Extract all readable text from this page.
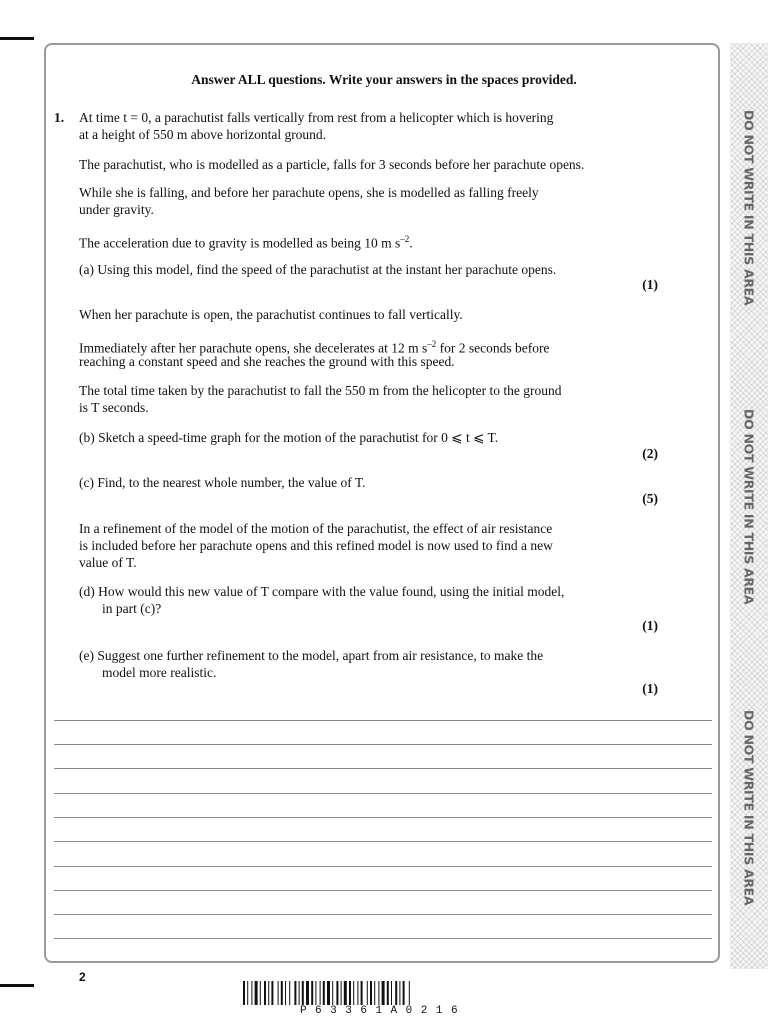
DO NOT WRITE IN THIS AREA
DO NOT WRITE IN THIS AREA
DO NOT WRITE IN THIS AREA
Answer ALL questions. Write your answers in the spaces provided.
1. At time t = 0, a parachutist falls vertically from rest from a helicopter which is hovering
at a height of 550 m above horizontal ground.
The parachutist, who is modelled as a particle, falls for 3 seconds before her parachute opens.
While she is falling, and before her parachute opens, she is modelled as falling freely
under gravity.
The acceleration due to gravity is modelled as being 10 m $s^{-2}$.
(a) Using this model, find the speed of the parachutist at the instant her parachute opens.
(1)
When her parachute is open, the parachutist continues to fall vertically.
Immediately after her parachute opens, she decelerates at 12 m $s^{-2}$ for 2 seconds before
reaching a constant speed and she reaches the ground with this speed.
The total time taken by the parachutist to fall the 550 m from the helicopter to the ground
is T seconds.
(b) Sketch a speed-time graph for the motion of the parachutist for 0 ⩽ t ⩽ T.
(2)
(c) Find, to the nearest whole number, the value of T.
(5)
In a refinement of the model of the motion of the parachutist, the effect of air resistance
is included before her parachute opens and this refined model is now used to find a new
value of T.
(d) How would this new value of T compare with the value found, using the initial model,
in part (c)?
(1)
(e) Suggest one further refinement to the model, apart from air resistance, to make the
model more realistic.
(1)
2
P63361A0216
